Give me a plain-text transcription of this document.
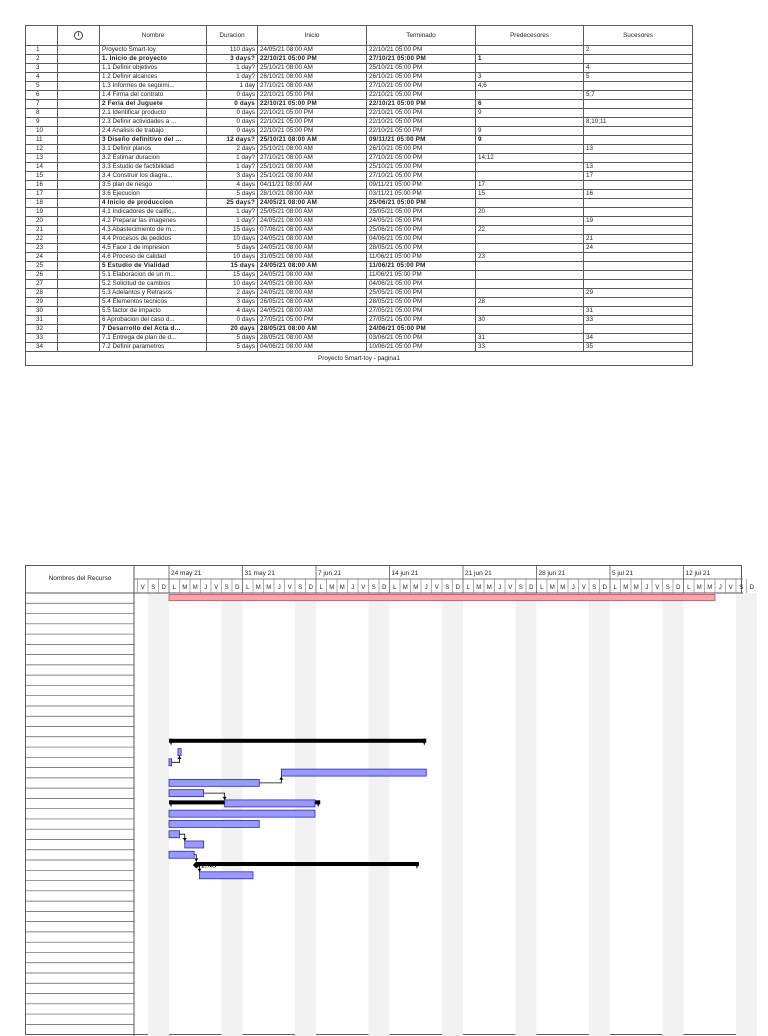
	i	Nombre	Duracion	Inicio	Terminado	Predecesores	Sucesores
1		Proyecto Smart-toy	110 days	24/05/21 08:00 AM	22/10/21 05:00 PM		2
2		1. Inicio de proyecto	3 days?	22/10/21 05:00 PM	27/10/21 05:00 PM	1	
3		1.1 Definir objetivos	1 day?	25/10/21 08:00 AM	25/10/21 05:00 PM		4
4		1.2 Definir alcances	1 day?	26/10/21 08:00 AM	26/10/21 05:00 PM	3	5
5		1.3 Informes de seguimi...	1 day	27/10/21 08:00 AM	27/10/21 05:00 PM	4;6	
6		1.4 Firma del contrato	0 days	22/10/21 05:00 PM	22/10/21 05:00 PM		5;7
7		2 Feria del Juguete	0 days	22/10/21 05:00 PM	22/10/21 05:00 PM	6	
8		2.1 Identificar producto	0 days	22/10/21 05:00 PM	22/10/21 05:00 PM	9	
9		2.3 Definir actividades a ...	0 days	22/10/21 05:00 PM	22/10/21 05:00 PM		8;10;11
10		2.4 Analisis de trabajo	0 days	22/10/21 05:00 PM	22/10/21 05:00 PM	9	
11		3 Diseño definitivo del ...	12 days?	25/10/21 08:00 AM	09/11/21 05:00 PM	9	
12		3.1 Definir planos	2 days	25/10/21 08:00 AM	26/10/21 05:00 PM		13
13		3.2 Estimar duracion	1 day?	27/10/21 08:00 AM	27/10/21 05:00 PM	14;12	
14		3.3 Estudio de factibilidad	1 day?	25/10/21 08:00 AM	25/10/21 05:00 PM		13
15		3.4 Construir los diagra...	3 days	25/10/21 08:00 AM	27/10/21 05:00 PM		17
16		3.5 plan de riesgo	4 days	04/11/21 08:00 AM	09/11/21 05:00 PM	17	
17		3.6 Ejecucion	5 days	28/10/21 08:00 AM	03/11/21 05:00 PM	15	16
18		4 Inicio de produccion	25 days?	24/05/21 08:00 AM	25/06/21 05:00 PM		
19		4.1 Indicadores de calific...	1 day?	25/05/21 08:00 AM	25/05/21 05:00 PM	20	
20		4.2 Preparar las imagenes	1 day?	24/05/21 08:00 AM	24/05/21 05:00 PM		19
21		4.3 Abastecimiento de m...	15 days	07/06/21 08:00 AM	25/06/21 05:00 PM	22	
22		4.4 Procesos de pedidos	10 days	24/05/21 08:00 AM	04/06/21 05:00 PM		21
23		4.5 Face 1 de impresion	5 days	24/05/21 08:00 AM	28/05/21 05:00 PM		24
24		4.6 Proceso de calidad	10 days	31/05/21 08:00 AM	11/06/21 05:00 PM	23	
25		5 Estudio de Vialidad	15 days	24/05/21 08:00 AM	11/06/21 05:00 PM		
26		5.1 Elaboracion de un m...	15 days	24/05/21 08:00 AM	11/06/21 05:00 PM		
27		5.2 Solicitud de cambios	10 days	24/05/21 08:00 AM	04/06/21 05:00 PM		
28		5.3 Adelantos y Retrasos	2 days	24/05/21 08:00 AM	25/05/21 05:00 PM		29
29		5.4 Elementos tecnicos	3 days	26/05/21 08:00 AM	28/05/21 05:00 PM	28	
30		5.5 factor de impacto	4 days	24/05/21 08:00 AM	27/05/21 05:00 PM		31
31		6 Aprobacion del caso d...	0 days	27/05/21 05:00 PM	27/05/21 05:00 PM	30	33
32		7 Desarrollo del Acta d...	20 days	28/05/21 08:00 AM	24/06/21 05:00 PM		
33		7.1 Entrega de plan de d...	5 days	28/05/21 08:00 AM	03/06/21 05:00 PM	31	34
34		7.2 Definir parametros	5 days	04/06/21 08:00 AM	10/06/21 05:00 PM	33	35
Proyecto Smart-toy - pagina1							
Nombres del Recurso
V S D
24 may 21
L M M J V S D
31 may 21
L M M J V S D
7 jun 21
L M M J V S D
14 jun 21
L M M J V S D
21 jun 21
L M M J V S D
28 jun 21
L M M J V S D
5 jul 21
L M M J V S D
12 jul 21
L M M J V S D
27/05
